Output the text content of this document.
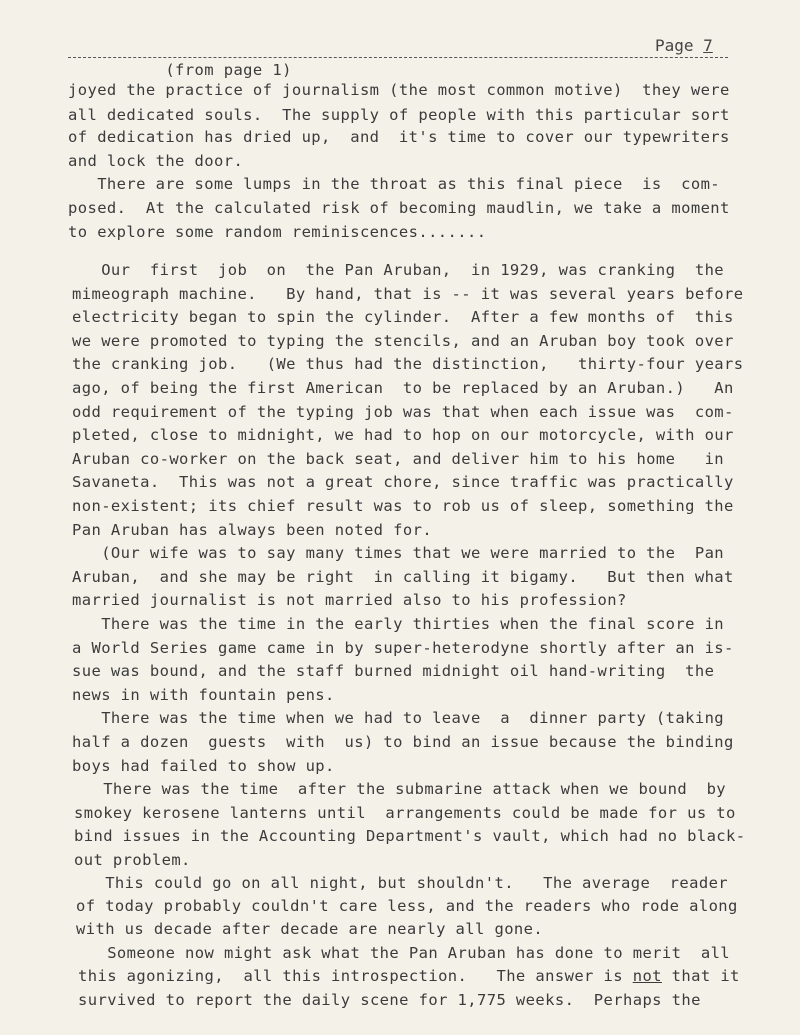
Page 7
(from page 1)
joyed the practice of journalism (the most common motive)  they were
all dedicated souls.  The supply of people with this particular sort
of dedication has dried up,  and  it's time to cover our typewriters
and lock the door.
There are some lumps in the throat as this final piece  is  com-
posed.  At the calculated risk of becoming maudlin, we take a moment
to explore some random reminiscences.......
Our  first  job  on  the Pan Aruban,  in 1929, was cranking  the
mimeograph machine.   By hand, that is -- it was several years before
electricity began to spin the cylinder.  After a few months of  this
we were promoted to typing the stencils, and an Aruban boy took over
the cranking job.   (We thus had the distinction,   thirty-four years
ago, of being the first American  to be replaced by an Aruban.)   An
odd requirement of the typing job was that when each issue was  com-
pleted, close to midnight, we had to hop on our motorcycle, with our
Aruban co-worker on the back seat, and deliver him to his home   in
Savaneta.  This was not a great chore, since traffic was practically
non-existent; its chief result was to rob us of sleep, something the
Pan Aruban has always been noted for.
(Our wife was to say many times that we were married to the  Pan
Aruban,  and she may be right  in calling it bigamy.   But then what
married journalist is not married also to his profession?
There was the time in the early thirties when the final score in
a World Series game came in by super-heterodyne shortly after an is-
sue was bound, and the staff burned midnight oil hand-writing  the
news in with fountain pens.
There was the time when we had to leave  a  dinner party (taking
half a dozen  guests  with  us) to bind an issue because the binding
boys had failed to show up.
There was the time  after the submarine attack when we bound  by
smokey kerosene lanterns until  arrangements could be made for us to
bind issues in the Accounting Department's vault, which had no black-
out problem.
This could go on all night, but shouldn't.   The average  reader
of today probably couldn't care less, and the readers who rode along
with us decade after decade are nearly all gone.
Someone now might ask what the Pan Aruban has done to merit  all
this agonizing,  all this introspection.   The answer is not that it
survived to report the daily scene for 1,775 weeks.  Perhaps the
